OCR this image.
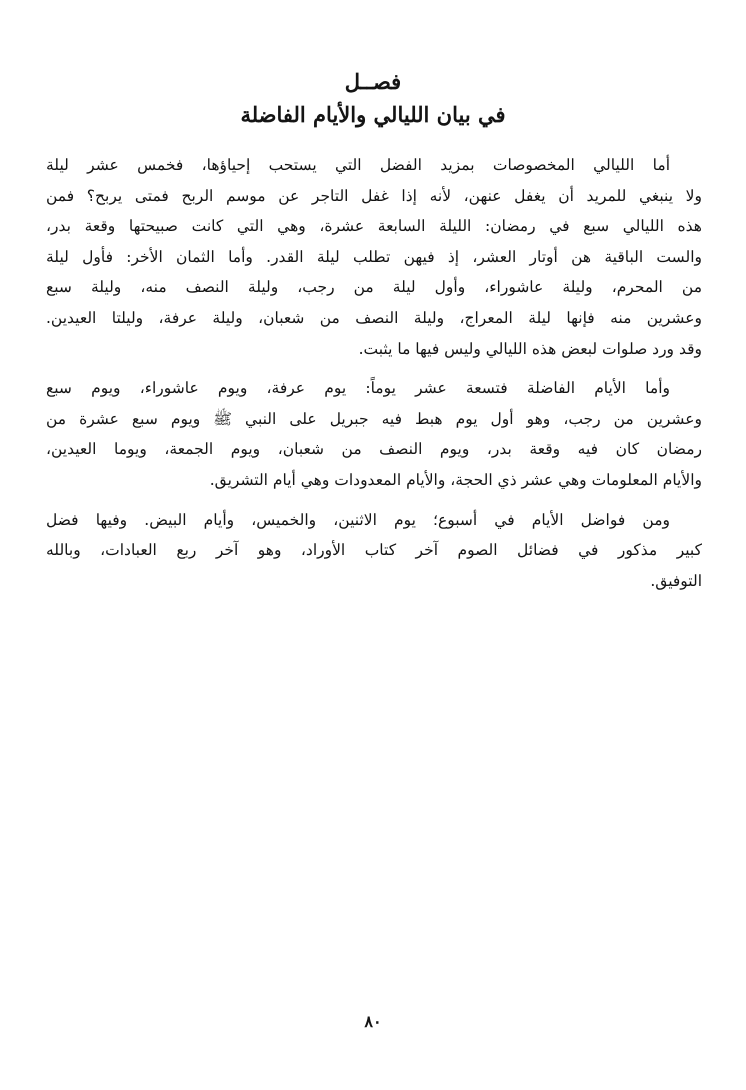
فصــل
في بيان الليالي والأيام الفاضلة

أما الليالي المخصوصات بمزيد الفضل التي يستحب إحياؤها، فخمس عشر ليلة
ولا ينبغي للمريد أن يغفل عنهن، لأنه إذا غفل التاجر عن موسم الربح فمتى يربح؟ فمن
هذه الليالي سبع في رمضان: الليلة السابعة عشرة، وهي التي كانت صبيحتها وقعة بدر،
والست الباقية هن أوتار العشر، إذ فيهن تطلب ليلة القدر. وأما الثمان الأخر: فأول ليلة
من المحرم، وليلة عاشوراء، وأول ليلة من رجب، وليلة النصف منه، وليلة سبع
وعشرين منه فإنها ليلة المعراج، وليلة النصف من شعبان، وليلة عرفة، وليلتا العيدين.
وقد ورد صلوات لبعض هذه الليالي وليس فيها ما يثبت.

وأما الأيام الفاضلة فتسعة عشر يوماً: يوم عرفة، ويوم عاشوراء، ويوم سبع
وعشرين من رجب، وهو أول يوم هبط فيه جبريل على النبي ﷺ ويوم سبع عشرة من
رمضان كان فيه وقعة بدر، ويوم النصف من شعبان، ويوم الجمعة، ويوما العيدين،
والأيام المعلومات وهي عشر ذي الحجة، والأيام المعدودات وهي أيام التشريق.

ومن فواضل الأيام في أسبوع؛ يوم الاثنين، والخميس، وأيام البيض. وفيها فضل
كبير مذكور في فضائل الصوم آخر كتاب الأوراد، وهو آخر ربع العبادات، وبالله
التوفيق.

٨٠
